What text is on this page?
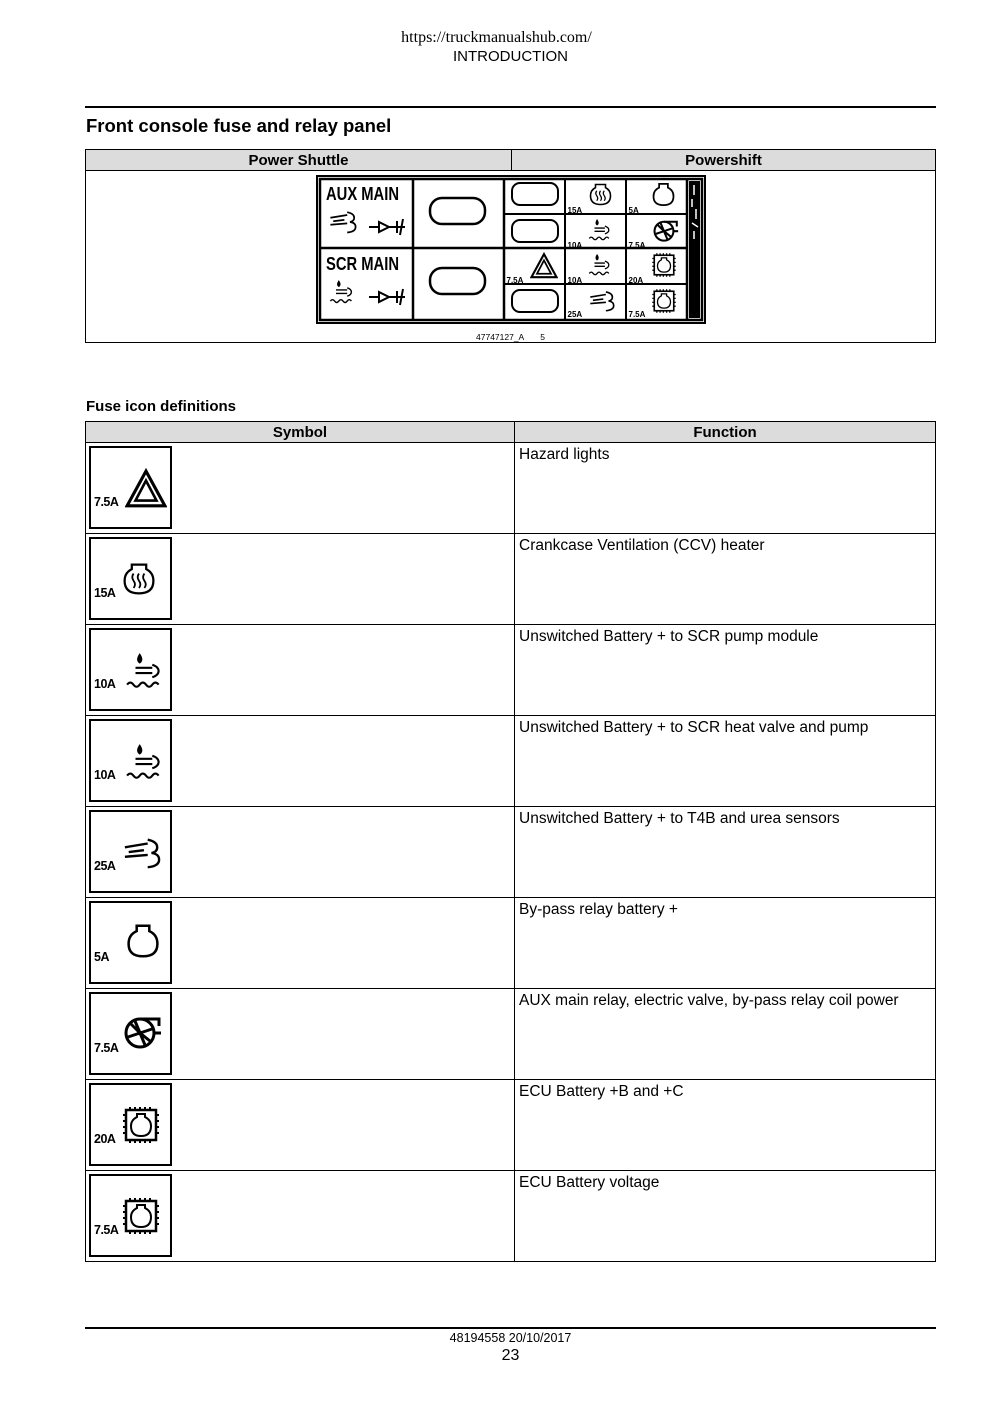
https://truckmanualshub.com/
INTRODUCTION
Front console fuse and relay panel
Power Shuttle	Powershift

AUX MAIN
SCR MAIN
15A	5A
10A	7.5A
7.5A	10A	20A
25A	7.5A
47747127_A 5
Fuse icon definitions
Symbol	Function

7.5A	Hazard lights

15A	Crankcase Ventilation (CCV) heater

10A	Unswitched Battery + to SCR pump module

10A	Unswitched Battery + to SCR heat valve and pump

25A	Unswitched Battery + to T4B and urea sensors

5A	By-pass relay battery +

7.5A	AUX main relay, electric valve, by-pass relay coil power

20A	ECU Battery +B and +C

7.5A	ECU Battery voltage
48194558 20/10/2017
23
